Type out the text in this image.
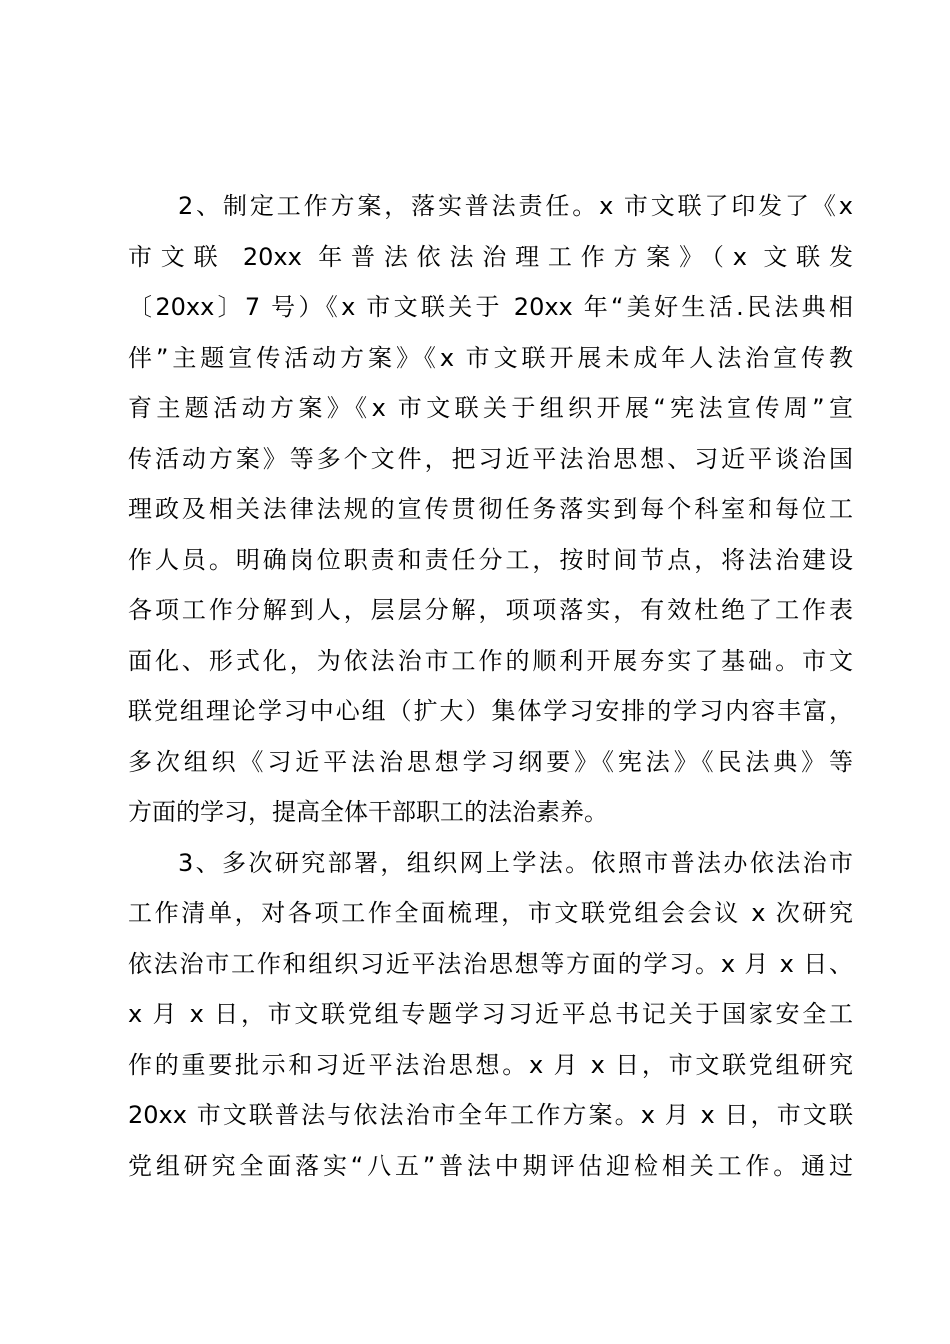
2、制定工作方案，落实普法责任。x 市文联了印发了《x
市文联 20xx 年普法依法治理工作方案》（x 文联发
〔20xx〕7 号）《x 市文联关于 20xx 年“美好生活.民法典相
伴”主题宣传活动方案》《x 市文联开展未成年人法治宣传教
育主题活动方案》《x 市文联关于组织开展“宪法宣传周”宣
传活动方案》等多个文件，把习近平法治思想、习近平谈治国
理政及相关法律法规的宣传贯彻任务落实到每个科室和每位工
作人员。明确岗位职责和责任分工，按时间节点，将法治建设
各项工作分解到人，层层分解，项项落实，有效杜绝了工作表
面化、形式化，为依法治市工作的顺利开展夯实了基础。市文
联党组理论学习中心组（扩大）集体学习安排的学习内容丰富，
多次组织《习近平法治思想学习纲要》《宪法》《民法典》等
方面的学习，提高全体干部职工的法治素养。
3、多次研究部署，组织网上学法。依照市普法办依法治市
工作清单，对各项工作全面梳理，市文联党组会会议 x 次研究
依法治市工作和组织习近平法治思想等方面的学习。x 月 x 日、
x 月 x 日，市文联党组专题学习习近平总书记关于国家安全工
作的重要批示和习近平法治思想。x 月 x 日，市文联党组研究
20xx 市文联普法与依法治市全年工作方案。x 月 x 日，市文联
党组研究全面落实“八五”普法中期评估迎检相关工作。通过
